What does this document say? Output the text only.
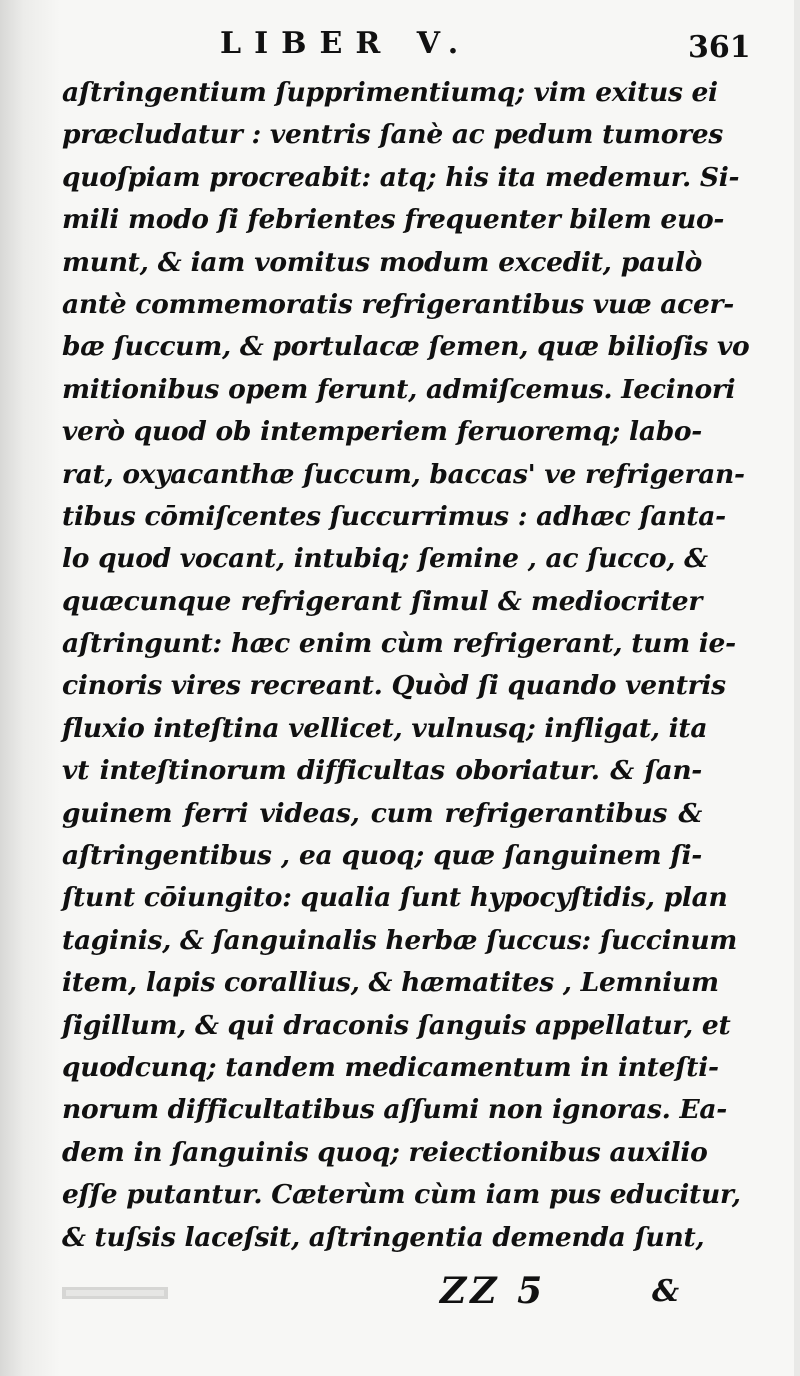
LIBER V.	361
aſtringentium ſupprimentiumq; vim exitus ei
præcludatur : ventris ſanè ac pedum tumores
quoſpiam procreabit: atq; his ita medemur. Si-
mili modo ſi febrientes frequenter bilem euo-
munt, & iam vomitus modum excedit, paulò
antè commemoratis refrigerantibus vuæ acer-
bæ ſuccum, & portulacæ ſemen, quæ bilioſis vo
mitionibus opem ferunt, admiſcemus. Iecinori
verò quod ob intemperiem feruoremq; labo-
rat, oxyacanthæ ſuccum, baccas' ve refrigeran-
tibus cōmiſcentes ſuccurrimus : adhæc ſanta-
lo quod vocant, intubiq; ſemine , ac ſucco, &
quæcunque refrigerant ſimul & mediocriter
aſtringunt: hæc enim cùm refrigerant, tum ie-
cinoris vires recreant. Quòd ſi quando ventris
fluxio inteſtina vellicet, vulnusq; infligat, ita
vt inteſtinorum difficultas oboriatur. & ſan-
guinem ferri videas, cum refrigerantibus &
aſtringentibus , ea quoq; quæ ſanguinem ſi-
ſtunt cōiungito: qualia ſunt hypocyſtidis, plan
taginis, & ſanguinalis herbæ ſuccus: ſuccinum
item, lapis corallius, & hæmatites , Lemnium
ſigillum, & qui draconis ſanguis appellatur, et
quodcunq; tandem medicamentum in inteſti-
norum difficultatibus aſſumi non ignoras. Ea-
dem in ſanguinis quoq; reiectionibus auxilio
eſſe putantur. Cæterùm cùm iam pus educitur,
& tuſsis laceſsit, aſtringentia demenda ſunt,
ZZ 5	&
